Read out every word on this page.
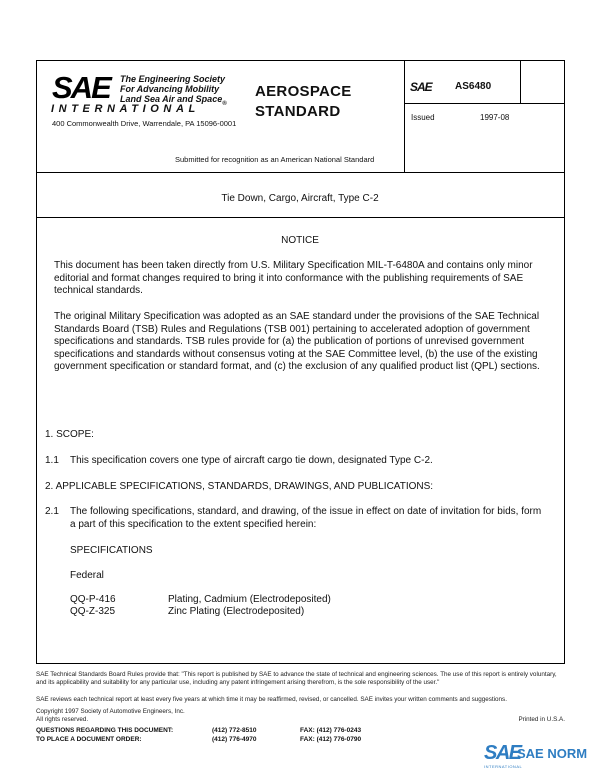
SAE The Engineering Society
For Advancing Mobility
Land Sea Air and Space$_®$
INTERNATIONAL
400 Commonwealth Drive, Warrendale, PA 15096-0001
AEROSPACE
STANDARD
Submitted for recognition as an American National Standard
SAE AS6480
Issued	1997-08
Tie Down, Cargo, Aircraft, Type C-2
NOTICE
This document has been taken directly from U.S. Military Specification MIL-T-6480A and contains only minor editorial and format changes required to bring it into conformance with the publishing requirements of SAE technical standards.
The original Military Specification was adopted as an SAE standard under the provisions of the SAE Technical Standards Board (TSB) Rules and Regulations (TSB 001) pertaining to accelerated adoption of government specifications and standards. TSB rules provide for (a) the publication of portions of unrevised government specifications and standards without consensus voting at the SAE Committee level, (b) the use of the existing government specification or standard format, and (c) the exclusion of any qualified product list (QPL) sections.
1. SCOPE:
1.1 This specification covers one type of aircraft cargo tie down, designated Type C-2.
2. APPLICABLE SPECIFICATIONS, STANDARDS, DRAWINGS, AND PUBLICATIONS:
2.1 The following specifications, standard, and drawing, of the issue in effect on date of invitation for bids, form a part of this specification to the extent specified herein:
SPECIFICATIONS
Federal
QQ-P-416	Plating, Cadmium (Electrodeposited)
QQ-Z-325	Zinc Plating (Electrodeposited)
SAE Technical Standards Board Rules provide that: "This report is published by SAE to advance the state of technical and engineering sciences. The use of this report is entirely voluntary, and its applicability and suitability for any particular use, including any patent infringement arising therefrom, is the sole responsibility of the user."
SAE reviews each technical report at least every five years at which time it may be reaffirmed, revised, or cancelled. SAE invites your written comments and suggestions.
Copyright 1997 Society of Automotive Engineers, Inc.
All rights reserved.	Printed in U.S.A.
QUESTIONS REGARDING THIS DOCUMENT:	(412) 772-8510	FAX: (412) 776-0243
TO PLACE A DOCUMENT ORDER:	(412) 776-4970	FAX: (412) 776-0790
SAE
SAE NORM
INTERNATIONAL
